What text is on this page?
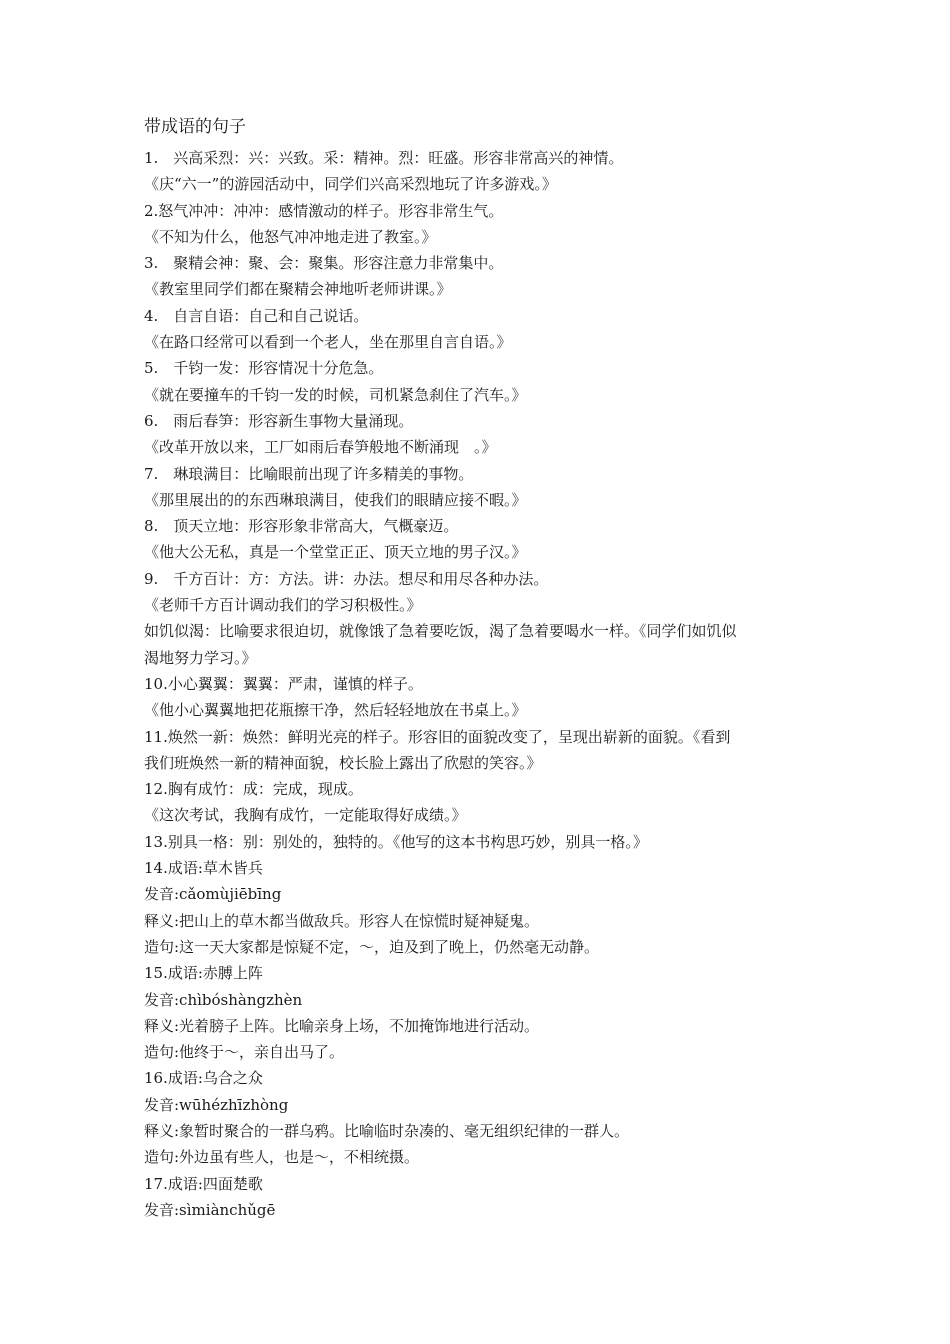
带成语的句子
1.　兴高采烈：兴：兴致。采：精神。烈：旺盛。形容非常高兴的神情。
《庆“六一”的游园活动中，同学们兴高采烈地玩了许多游戏。》
2.怒气冲冲：冲冲：感情激动的样子。形容非常生气。
《不知为什么，他怒气冲冲地走进了教室。》
3.　聚精会神：聚、会：聚集。形容注意力非常集中。
《教室里同学们都在聚精会神地听老师讲课。》
4.　自言自语：自己和自己说话。
《在路口经常可以看到一个老人，坐在那里自言自语。》
5.　千钧一发：形容情况十分危急。
《就在要撞车的千钧一发的时候，司机紧急刹住了汽车。》
6.　雨后春笋：形容新生事物大量涌现。
《改革开放以来，工厂如雨后春笋般地不断涌现　。》
7.　琳琅满目：比喻眼前出现了许多精美的事物。
《那里展出的的东西琳琅满目，使我们的眼睛应接不暇。》
8.　顶天立地：形容形象非常高大，气概豪迈。
《他大公无私，真是一个堂堂正正、顶天立地的男子汉。》
9.　千方百计：方：方法。讲：办法。想尽和用尽各种办法。
《老师千方百计调动我们的学习积极性。》
如饥似渴：比喻要求很迫切，就像饿了急着要吃饭，渴了急着要喝水一样。《同学们如饥似
渴地努力学习。》
10.小心翼翼：翼翼：严肃，谨慎的样子。
《他小心翼翼地把花瓶擦干净，然后轻轻地放在书桌上。》
11.焕然一新：焕然：鲜明光亮的样子。形容旧的面貌改变了，呈现出崭新的面貌。《看到
我们班焕然一新的精神面貌，校长脸上露出了欣慰的笑容。》
12.胸有成竹：成：完成，现成。
《这次考试，我胸有成竹，一定能取得好成绩。》
13.别具一格：别：别处的，独特的。《他写的这本书构思巧妙，别具一格。》
14.成语:草木皆兵
发音:cǎomùjiēbīng
释义:把山上的草木都当做敌兵。形容人在惊慌时疑神疑鬼。
造句:这一天大家都是惊疑不定，～，迫及到了晚上，仍然毫无动静。
15.成语:赤膊上阵
发音:chìbóshàngzhèn
释义:光着膀子上阵。比喻亲身上场，不加掩饰地进行活动。
造句:他终于～，亲自出马了。
16.成语:乌合之众
发音:wūhézhīzhòng
释义:象暂时聚合的一群乌鸦。比喻临时杂凑的、毫无组织纪律的一群人。
造句:外边虽有些人，也是～，不相统摄。
17.成语:四面楚歌
发音:sìmiànchǔgē
